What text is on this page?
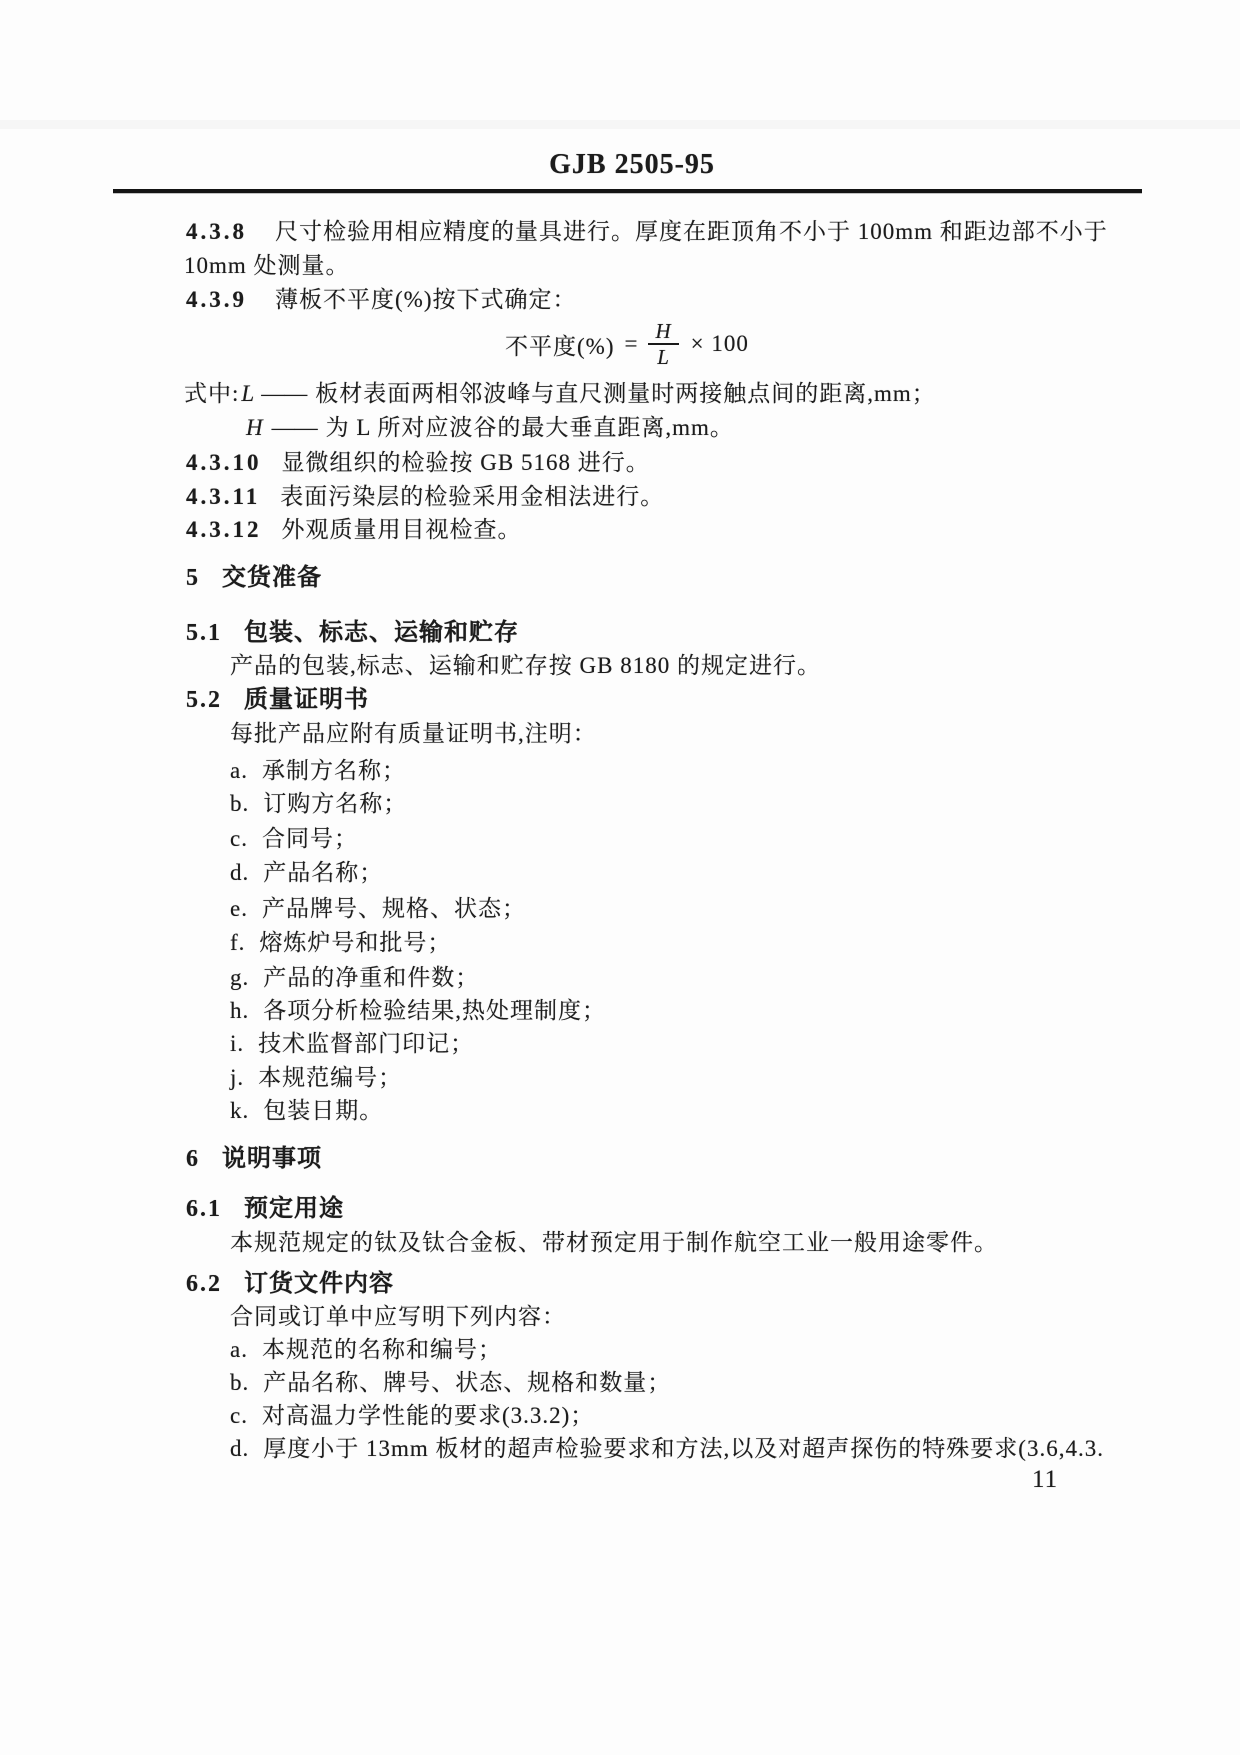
GJB 2505-95
4.3.8 尺寸检验用相应精度的量具进行。厚度在距顶角不小于 100mm 和距边部不小于
10mm 处测量。
4.3.9 薄板不平度(%)按下式确定：
不平度(%) = $\frac{H}{L} \times 100$
式中:L —— 板材表面两相邻波峰与直尺测量时两接触点间的距离,mm；
H —— 为 L 所对应波谷的最大垂直距离,mm。
4.3.10 显微组织的检验按 GB 5168 进行。
4.3.11 表面污染层的检验采用金相法进行。
4.3.12 外观质量用目视检查。
5 交货准备
5.1 包装、标志、运输和贮存
产品的包装,标志、运输和贮存按 GB 8180 的规定进行。
5.2 质量证明书
每批产品应附有质量证明书,注明：
a. 承制方名称；
b. 订购方名称；
c. 合同号；
d. 产品名称；
e. 产品牌号、规格、状态；
f. 熔炼炉号和批号；
g. 产品的净重和件数；
h. 各项分析检验结果,热处理制度；
i. 技术监督部门印记；
j. 本规范编号；
k. 包装日期。
6 说明事项
6.1 预定用途
本规范规定的钛及钛合金板、带材预定用于制作航空工业一般用途零件。
6.2 订货文件内容
合同或订单中应写明下列内容：
a. 本规范的名称和编号；
b. 产品名称、牌号、状态、规格和数量；
c. 对高温力学性能的要求(3.3.2)；
d. 厚度小于 13mm 板材的超声检验要求和方法,以及对超声探伤的特殊要求(3.6,4.3.
11
